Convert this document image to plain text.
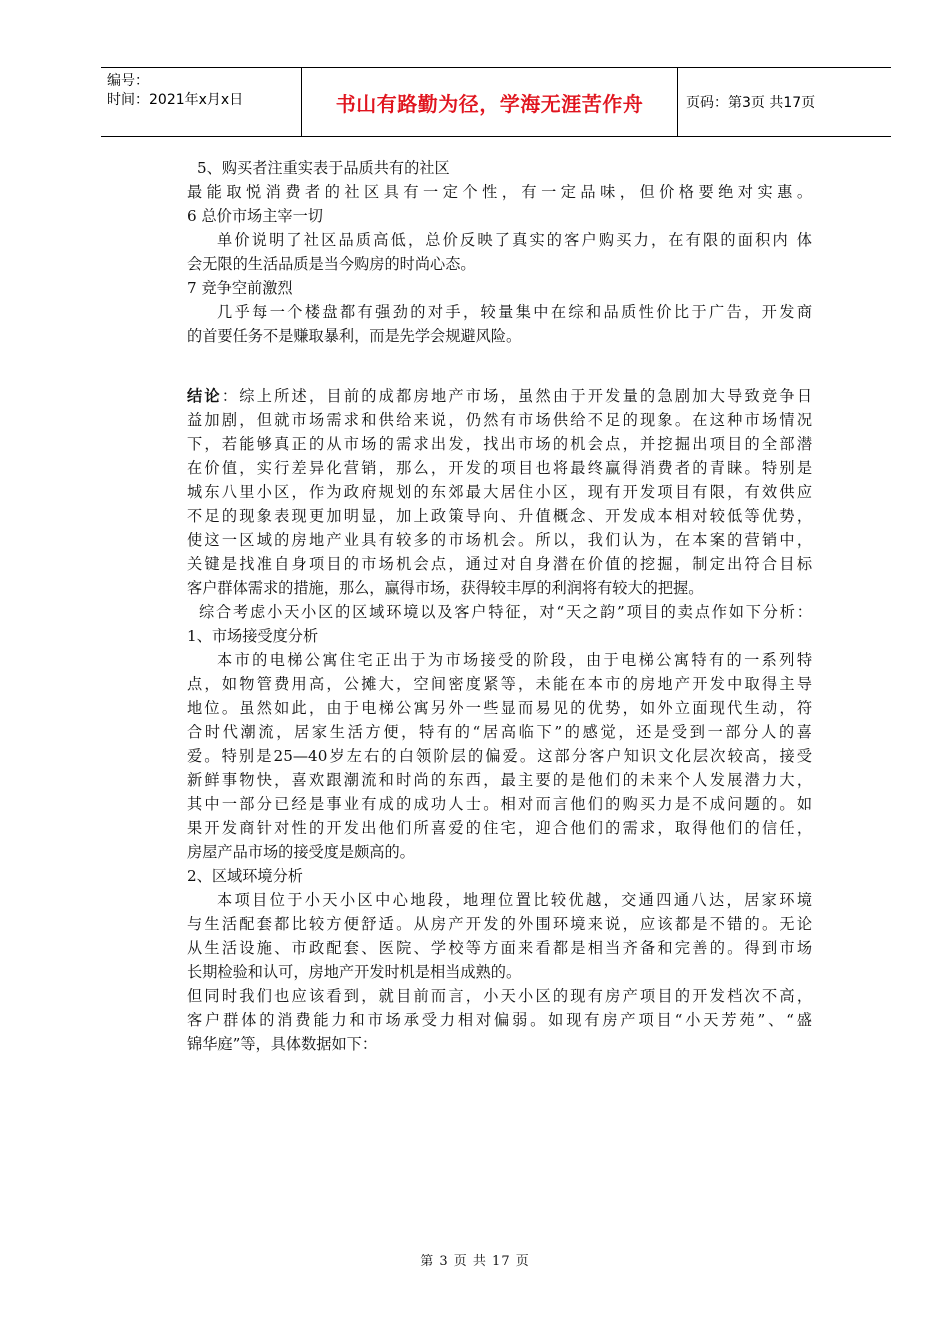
编号：
时间：2021年x月x日	书山有路勤为径，学海无涯苦作舟	页码：第3页 共17页
5、购买者注重实表于品质共有的社区
最能取悦消费者的社区具有一定个性，有一定品味，但价格要绝对实惠。
6 总价市场主宰一切
单价说明了社区品质高低，总价反映了真实的客户购买力，在有限的面积内 体
会无限的生活品质是当今购房的时尚心态。
7 竞争空前激烈
几乎每一个楼盘都有强劲的对手，较量集中在综和品质性价比于广告，开发商
的首要任务不是赚取暴利，而是先学会规避风险。
结论：综上所述，目前的成都房地产市场，虽然由于开发量的急剧加大导致竞争日
益加剧，但就市场需求和供给来说，仍然有市场供给不足的现象。在这种市场情况
下，若能够真正的从市场的需求出发，找出市场的机会点，并挖掘出项目的全部潜
在价值，实行差异化营销，那么，开发的项目也将最终赢得消费者的青睐。特别是
城东八里小区，作为政府规划的东郊最大居住小区，现有开发项目有限，有效供应
不足的现象表现更加明显，加上政策导向、升值概念、开发成本相对较低等优势，
使这一区域的房地产业具有较多的市场机会。所以，我们认为，在本案的营销中，
关键是找准自身项目的市场机会点，通过对自身潜在价值的挖掘，制定出符合目标
客户群体需求的措施，那么，赢得市场，获得较丰厚的利润将有较大的把握。
综合考虑小天小区的区域环境以及客户特征，对“天之韵”项目的卖点作如下分析：
1、市场接受度分析
本市的电梯公寓住宅正出于为市场接受的阶段，由于电梯公寓特有的一系列特
点，如物管费用高，公摊大，空间密度紧等，未能在本市的房地产开发中取得主导
地位。虽然如此，由于电梯公寓另外一些显而易见的优势，如外立面现代生动，符
合时代潮流，居家生活方便，特有的“居高临下”的感觉，还是受到一部分人的喜
爱。特别是25—40岁左右的白领阶层的偏爱。这部分客户知识文化层次较高，接受
新鲜事物快，喜欢跟潮流和时尚的东西，最主要的是他们的未来个人发展潜力大，
其中一部分已经是事业有成的成功人士。相对而言他们的购买力是不成问题的。如
果开发商针对性的开发出他们所喜爱的住宅，迎合他们的需求，取得他们的信任，
房屋产品市场的接受度是颇高的。
2、区域环境分析
本项目位于小天小区中心地段，地理位置比较优越，交通四通八达，居家环境
与生活配套都比较方便舒适。从房产开发的外围环境来说，应该都是不错的。无论
从生活设施、市政配套、医院、学校等方面来看都是相当齐备和完善的。得到市场
长期检验和认可，房地产开发时机是相当成熟的。
但同时我们也应该看到，就目前而言，小天小区的现有房产项目的开发档次不高，
客户群体的消费能力和市场承受力相对偏弱。如现有房产项目“小天芳苑”、“盛
锦华庭”等，具体数据如下：
第 3 页 共 17 页
